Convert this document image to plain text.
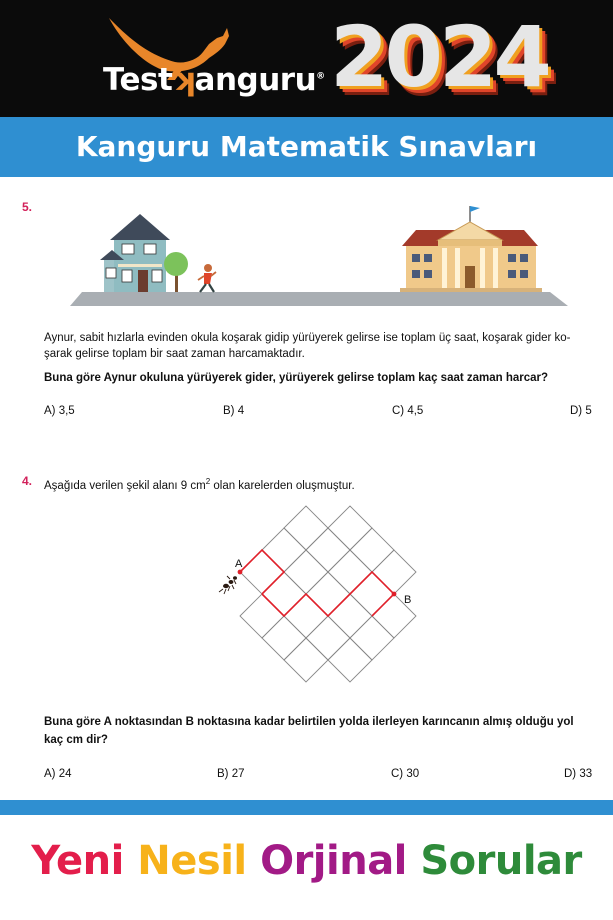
Testʞanguru® 2024
Kanguru Matematik Sınavları
5.
Aynur, sabit hızlarla evinden okula koşarak gidip yürüyerek gelirse ise toplam üç saat, koşarak gider ko-
şarak gelirse toplam bir saat zaman harcamaktadır.
Buna göre Aynur okuluna yürüyerek gider, yürüyerek gelirse toplam kaç saat zaman harcar?
A) 3,5	B) 4	C) 4,5	D) 5
4. Aşağıda verilen şekil alanı 9 $cm^2$ olan karelerden oluşmuştur.
A
B
Buna göre A noktasından B noktasına kadar belirtilen yolda ilerleyen karıncanın almış olduğu yol
kaç cm dir?
A) 24	B) 27	C) 30	D) 33
Yeni Nesil Orjinal Sorular
